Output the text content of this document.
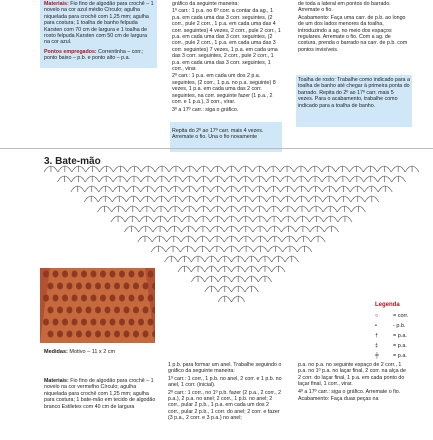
Materiais: Fio fino de algodão para crochê – 1 novelo na cor azul médio Círculo; agulha niquelada para crochê com 1,25 mm; agulha para costura; 1 toalha de banho felpuda Karsten com 70 cm de largura e 1 toalha de rosto felpuda Karsten com 50 cm de largura na cor azul.

Pontos empregados: Correntinha – corr.; ponto baixo – p.b. e ponto alto – p.a.

gráfico da seguinte maneira:

1º carr.: 1 p.a. no 6º corr. a contar da ag., 1 p.a. em cada uma das 3 corr. seguintes, (2 corr., pule 2 corr., 1 p.a. em cada uma das 4 corr. seguintes) 4 vezes, 2 corr., pule 2 corr., 1 p.a. em cada uma das 3 corr. seguintes, (2 corr., pule 2 corr., 1 p.a. em cada uma das 3 corr. seguintes) 7 vezes, 1 p.a. em cada uma das 3 corr. seguintes, 2 corr., pule 2 corr., 1 p.a. em cada uma das 3 corr. seguintes, 1 corr., virar.

2º carr.: 1 p.a. em cada um dos 2 p.a. seguintes, (2 corr., 1 p.a. no p.a. seguinte) 8 vezes, 1 p.a. em cada uma das 2 corr. seguintes, na corr. seguinte fazer (1 p.a., 2 corr. e 1 p.a.), 3 corr., virar.

3º a 17º carr.: siga o gráfico.

Repita do 2º ao 17º carr. mais 4 vezes. Arremate o fio. Una o fio novamente

de toda a lateral em pontos do barrado. Arremate o fio.

Acabamento: Faça uma carr. de p.b. ao longo de um dos lados menores da toalha, introduzindo a ag. no meio dos espaços regulares. Arremate o fio. Com a ag. de costura, prenda o barrado na carr. de p.b. com pontos invisíveis.

Toalha de rosto: Trabalhe como indicado para a toalha de banho até chegar à primeira ponta do barrado. Repita do 2º ao 17º carr. mais 5 vezes. Para o acabamento, trabalhe como indicado para a toalha de banho.

3. Bate-mão
Medidas: Motivo – 11 x 2 cm
Legenda
○	= corr.
•	- p.b.
†	= p.a.
‡	= p.a.
╪	= p.a.

Materiais: Fio fino de algodão para crochê – 1 novelo na cor vermelho Círculo; agulha niquelada para crochê com 1,25 mm; agulha para costura; 1 bate-mão em tecido de algodão branco Estiletex com 40 cm de largura

1 p.b. para formar um anel. Trabalhe seguindo o gráfico da seguinte maneira:

1º carr.: 1 corr., 1 p.b. no anel, 2 corr. e 1 p.b. no anel, 1 corr. (inicial).

2º carr.: 1 corr., no 1º p.b. fazer (2 p.a., 2 corr., 2 p.a.), 2 p.a. no anel; 2 corr., 1 p.b. no anel; 2 corr., pular 2 p.b., 1 p.a. em cada um dos 2 corr., pular 2 p.b., 1 corr. do anel; 2 corr. e fazer (3 p.a., 2 corr. e 3 p.a.) no anel;

p.a. no p.a. no seguinte espaço de 2 corr., 1 p.a. no 1º p.a. no laçar final, 2 corr. na alça de 2 corr. do laçar final, 1 p.a. em cada ponto do laçar final, 1 corr., virar.

4º a 17º carr.: siga o gráfico. Arremate o fio.

Acabamento: Faça duas peças na
